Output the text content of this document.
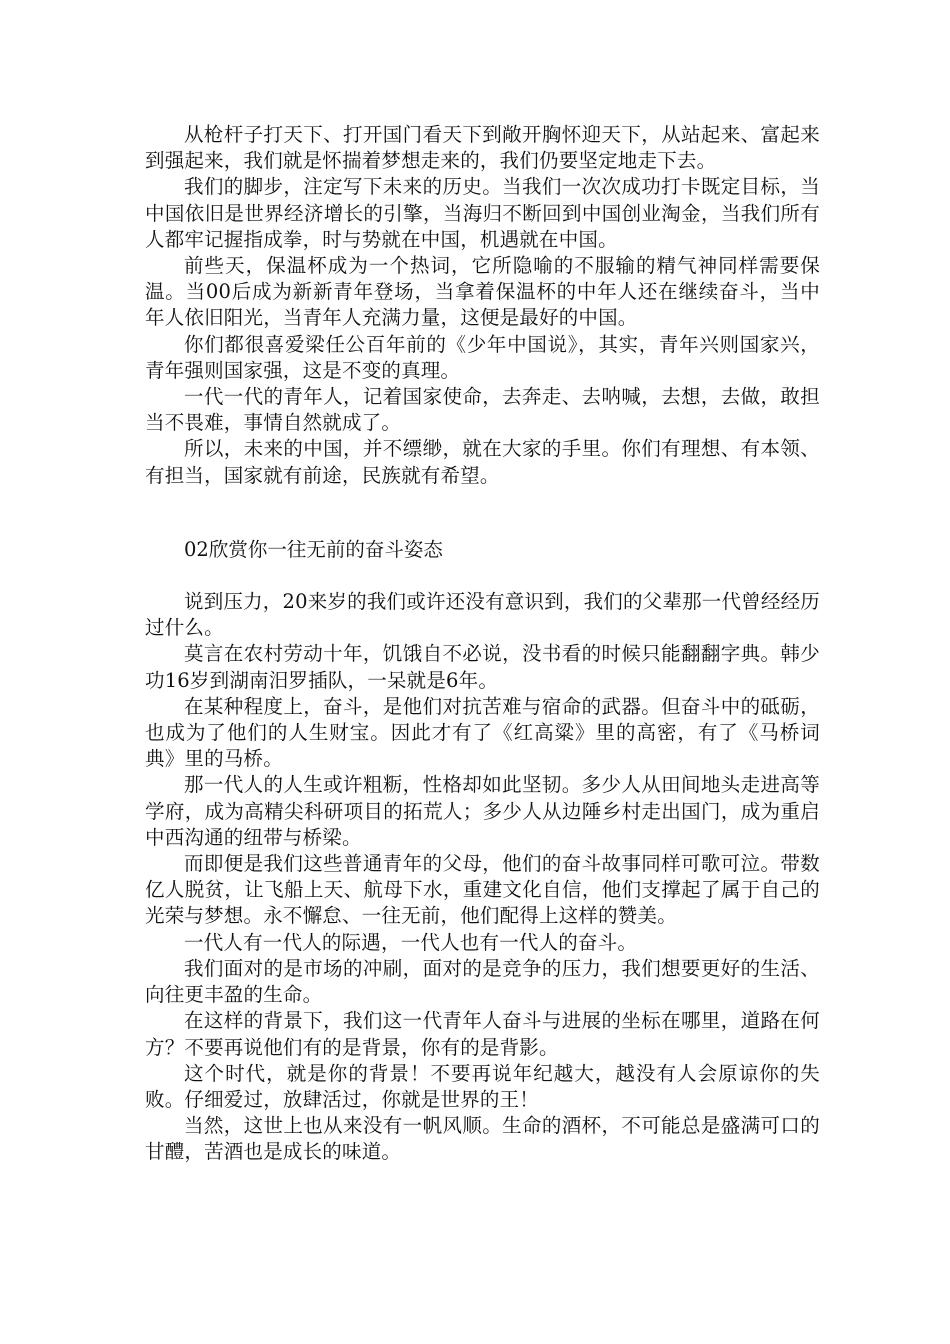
从枪杆子打天下、打开国门看天下到敞开胸怀迎天下，从站起来、富起来到强起来，我们就是怀揣着梦想走来的，我们仍要坚定地走下去。

我们的脚步，注定写下未来的历史。当我们一次次成功打卡既定目标，当中国依旧是世界经济增长的引擎，当海归不断回到中国创业淘金，当我们所有人都牢记握指成拳，时与势就在中国，机遇就在中国。

前些天，保温杯成为一个热词，它所隐喻的不服输的精气神同样需要保温。当00后成为新新青年登场，当拿着保温杯的中年人还在继续奋斗，当中年人依旧阳光，当青年人充满力量，这便是最好的中国。

你们都很喜爱梁任公百年前的《少年中国说》，其实，青年兴则国家兴，青年强则国家强，这是不变的真理。

一代一代的青年人，记着国家使命，去奔走、去呐喊，去想，去做，敢担当不畏难，事情自然就成了。

所以，未来的中国，并不缥缈，就在大家的手里。你们有理想、有本领、有担当，国家就有前途，民族就有希望。

02欣赏你一往无前的奋斗姿态

说到压力，20来岁的我们或许还没有意识到，我们的父辈那一代曾经经历过什么。

莫言在农村劳动十年，饥饿自不必说，没书看的时候只能翻翻字典。韩少功16岁到湖南汨罗插队，一呆就是6年。

在某种程度上，奋斗，是他们对抗苦难与宿命的武器。但奋斗中的砥砺，也成为了他们的人生财宝。因此才有了《红高粱》里的高密，有了《马桥词典》里的马桥。

那一代人的人生或许粗粝，性格却如此坚韧。多少人从田间地头走进高等学府，成为高精尖科研项目的拓荒人；多少人从边陲乡村走出国门，成为重启中西沟通的纽带与桥梁。

而即便是我们这些普通青年的父母，他们的奋斗故事同样可歌可泣。带数亿人脱贫，让飞船上天、航母下水，重建文化自信，他们支撑起了属于自己的光荣与梦想。永不懈怠、一往无前，他们配得上这样的赞美。

一代人有一代人的际遇，一代人也有一代人的奋斗。

我们面对的是市场的冲刷，面对的是竞争的压力，我们想要更好的生活、向往更丰盈的生命。

在这样的背景下，我们这一代青年人奋斗与进展的坐标在哪里，道路在何方？不要再说他们有的是背景，你有的是背影。

这个时代，就是你的背景！不要再说年纪越大，越没有人会原谅你的失败。仔细爱过，放肆活过，你就是世界的王！

当然，这世上也从来没有一帆风顺。生命的酒杯，不可能总是盛满可口的甘醴，苦酒也是成长的味道。
